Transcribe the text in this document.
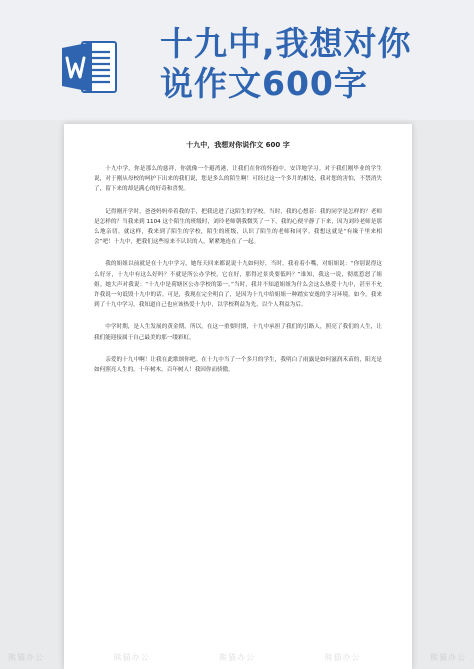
十九中,我想对你
说作文600字
十九中，我想对你说作文 600 字

十九中学，你是那么的慈祥，你就像一个避湾港，让我们在你的怀抱中，安详地学习。对于我们刚毕业的学生说，对于刚从母校的呵护下出来的我们说，您是多么的陌生啊！可经过这一个多月的相处，我对您的害怕，不禁消失了，留下来的却是满心的好奇和喜悦。

记得刚开学时，爸爸妈妈牵着我的手，把我送进了这陌生的学校。当时，我的心想着：我的同学是怎样的？老师是怎样的？当我来到 1104 这个陌生的班级时，刘玲老师朝我微笑了一下，我的心便平静了下来，因为刘玲老师是那么地亲切。就这样，我来到了陌生的学校，陌生的班级，认识了陌生的老师和同学。我想这就是“有缘千里来相会”吧！十九中，把我们这些原来不认识的人，紧紧地连在了一起。

我的姐姐以前就是在十九中学习，她每天回来都说说十九如何好，当时，我看着小嘴，对姐姐说：“你别说得这么好牙，十九中有这么好吗？不就是所公办学校，它在好，那得过景炎要低吗？”谁知，我这一说，彻底惹怒了姐姐。她大声对我说：“十九中是荷塘区公办学校的第一。”当时，我并不知道姐姐为什么会这么热爱十九中，甚至不允许我说一句诋毁十九中的话。可是，我现在完全明白了，是因为十九中给姐姐一种踏实安逸的学习环境。如今，我来到了十九中学习，我知道自己也应该热爱十九中，以学校利益为先，以个人利益为后。

中学时期，是人生发展的黄金期。所以，在这一重要时期，十九中承担了我们的引路人，照亮了我们的人生，让我们能迎接属于自己最美的那一缕彩虹。

亲爱的十九中啊！让我在此歌颂你吧。在十九中当了一个多月的学生，我明白了雨露是如何滋润禾苗的，阳光是如何照亮人生的。十年树木，百年树人！我因你而骄傲。

熊猫办公	熊猫办公	熊猫办公	熊猫办公	熊猫办公
